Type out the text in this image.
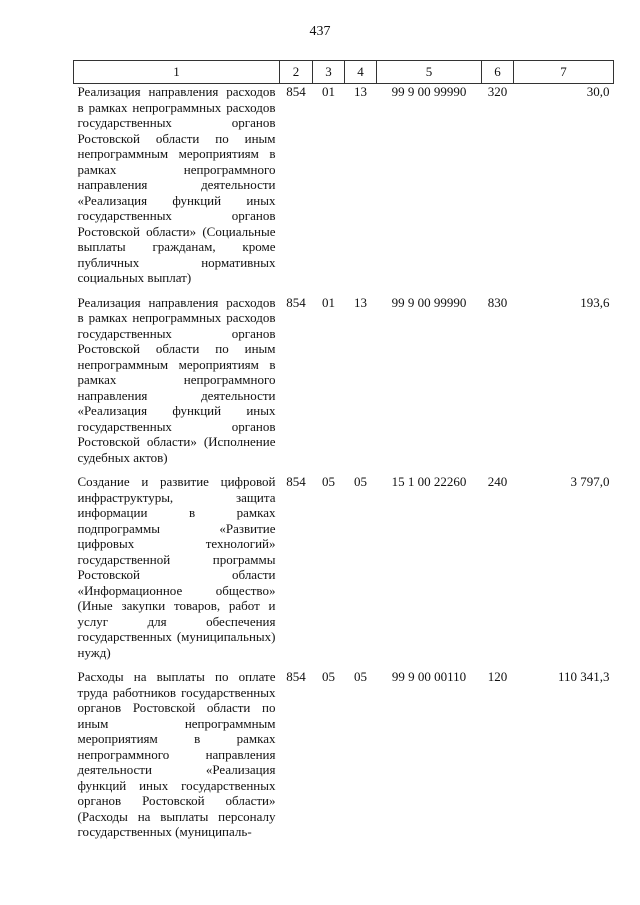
437
1	2	3	4	5	6	7
Реализация направления расходов в рамках непрограммных расходов государственных органов Ростовской области по иным непрограммным мероприятиям в рамках непрограммного направления деятельности «Реализация функций иных государственных органов Ростовской области» (Социальные выплаты гражданам, кроме публичных нормативных социальных выплат)	854	01	13	99 9 00 99990	320	30,0
Реализация направления расходов в рамках непрограммных расходов государственных органов Ростовской области по иным непрограммным мероприятиям в рамках непрограммного направления деятельности «Реализация функций иных государственных органов Ростовской области» (Исполнение судебных актов)	854	01	13	99 9 00 99990	830	193,6
Создание и развитие цифровой инфраструктуры, защита информации в рамках подпрограммы «Развитие цифровых технологий» государственной программы Ростовской области «Информационное общество» (Иные закупки товаров, работ и услуг для обеспечения государственных (муниципальных) нужд)	854	05	05	15 1 00 22260	240	3 797,0
Расходы на выплаты по оплате труда работников государственных органов Ростовской области по иным непрограммным мероприятиям в рамках непрограммного направления деятельности «Реализация функций иных государственных органов Ростовской области» (Расходы на выплаты персоналу государственных (муниципаль-	854	05	05	99 9 00 00110	120	110 341,3
